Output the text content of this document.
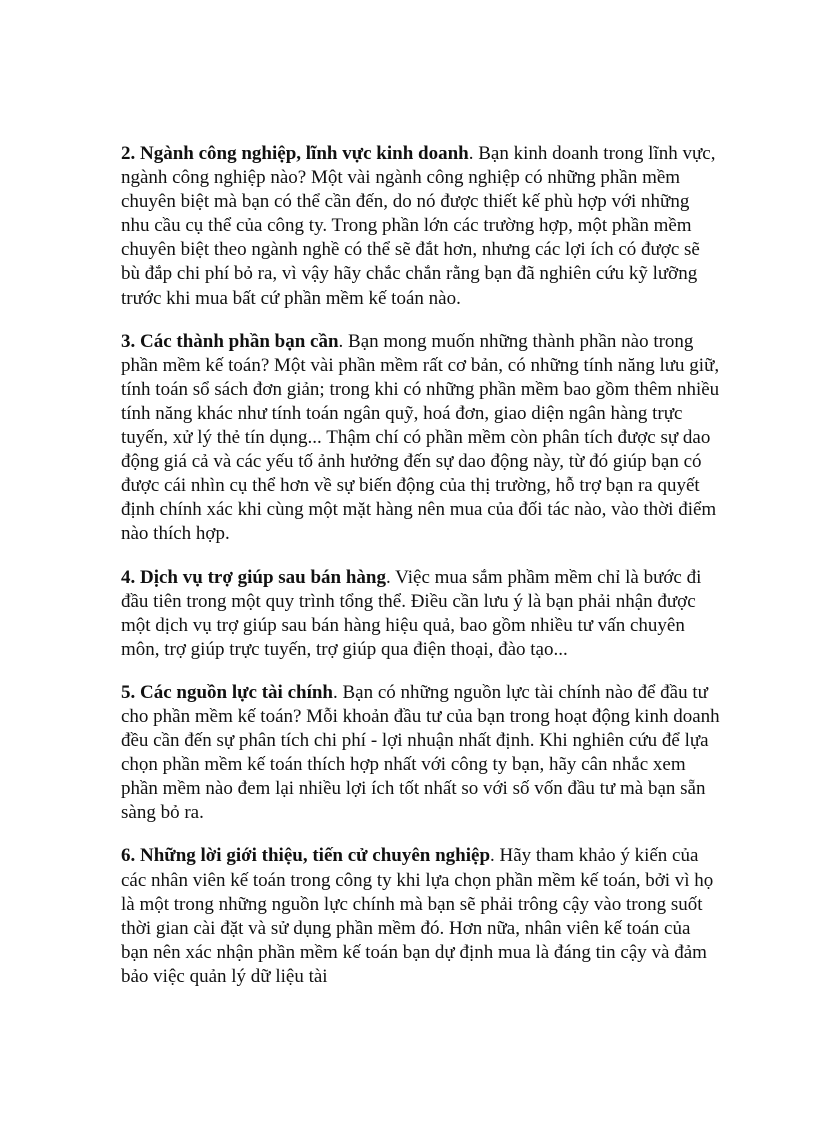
2. Ngành công nghiệp, lĩnh vực kinh doanh. Bạn kinh doanh trong lĩnh vực, ngành công nghiệp nào? Một vài ngành công nghiệp có những phần mềm chuyên biệt mà bạn có thể cần đến, do nó được thiết kế phù hợp với những nhu cầu cụ thể của công ty. Trong phần lớn các trường hợp, một phần mềm chuyên biệt theo ngành nghề có thể sẽ đắt hơn, nhưng các lợi ích có được sẽ bù đắp chi phí bỏ ra, vì vậy hãy chắc chắn rằng bạn đã nghiên cứu kỹ lưỡng trước khi mua bất cứ phần mềm kế toán nào.

3. Các thành phần bạn cần. Bạn mong muốn những thành phần nào trong phần mềm kế toán? Một vài phần mềm rất cơ bản, có những tính năng lưu giữ, tính toán sổ sách đơn giản; trong khi có những phần mềm bao gồm thêm nhiều tính năng khác như tính toán ngân quỹ, hoá đơn, giao diện ngân hàng trực tuyến, xử lý thẻ tín dụng... Thậm chí có phần mềm còn phân tích được sự dao động giá cả và các yếu tố ảnh hưởng đến sự dao động này, từ đó giúp bạn có được cái nhìn cụ thể hơn về sự biến động của thị trường, hỗ trợ bạn ra quyết định chính xác khi cùng một mặt hàng nên mua của đối tác nào, vào thời điểm nào thích hợp.

4. Dịch vụ trợ giúp sau bán hàng. Việc mua sắm phầm mềm chỉ là bước đi đầu tiên trong một quy trình tổng thể. Điều cần lưu ý là bạn phải nhận được một dịch vụ trợ giúp sau bán hàng hiệu quả, bao gồm nhiều tư vấn chuyên môn, trợ giúp trực tuyến, trợ giúp qua điện thoại, đào tạo...

5. Các nguồn lực tài chính. Bạn có những nguồn lực tài chính nào để đầu tư cho phần mềm kế toán? Mỗi khoản đầu tư của bạn trong hoạt động kinh doanh đều cần đến sự phân tích chi phí - lợi nhuận nhất định. Khi nghiên cứu để lựa chọn phần mềm kế toán thích hợp nhất với công ty bạn, hãy cân nhắc xem phần mềm nào đem lại nhiều lợi ích tốt nhất so với số vốn đầu tư mà bạn sẵn sàng bỏ ra.

6. Những lời giới thiệu, tiến cử chuyên nghiệp. Hãy tham khảo ý kiến của các nhân viên kế toán trong công ty khi lựa chọn phần mềm kế toán, bởi vì họ là một trong những nguồn lực chính mà bạn sẽ phải trông cậy vào trong suốt thời gian cài đặt và sử dụng phần mềm đó. Hơn nữa, nhân viên kế toán của bạn nên xác nhận phần mềm kế toán bạn dự định mua là đáng tin cậy và đảm bảo việc quản lý dữ liệu tài
